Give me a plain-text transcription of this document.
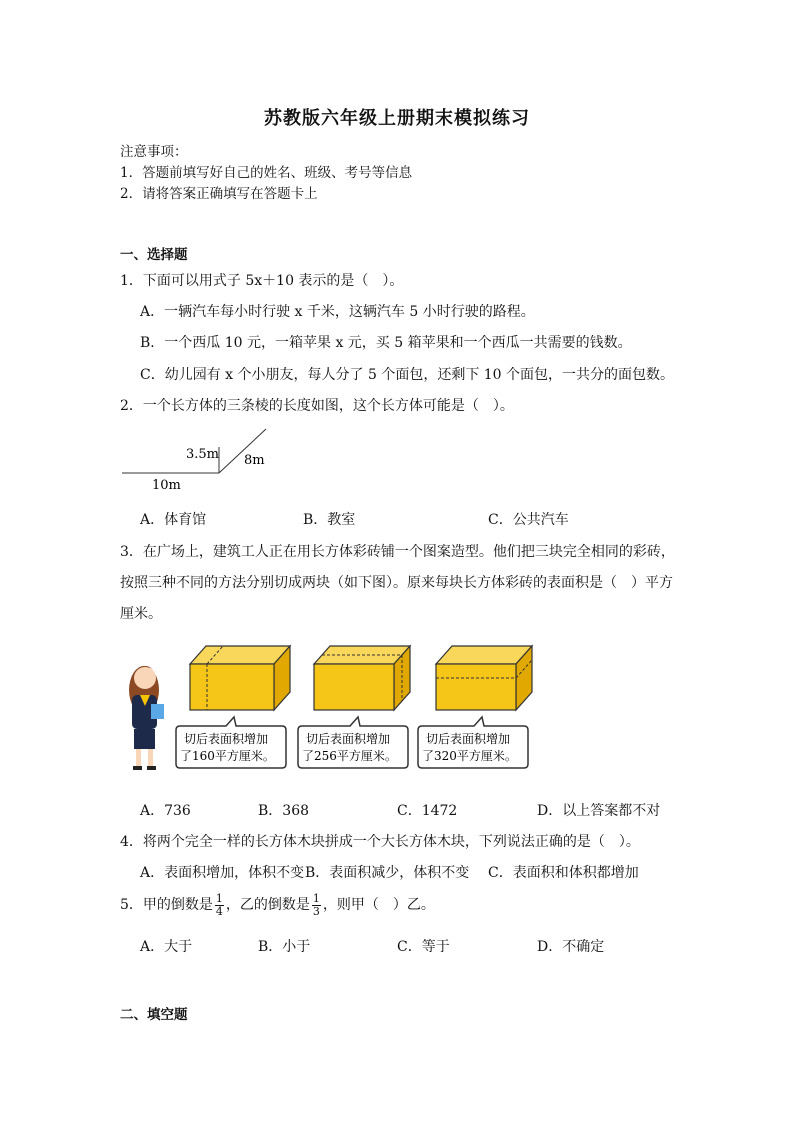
苏教版六年级上册期末模拟练习
注意事项：
1．答题前填写好自己的姓名、班级、考号等信息
2．请将答案正确填写在答题卡上
一、选择题
1．下面可以用式子 5x＋10 表示的是（　）。
A．一辆汽车每小时行驶 x 千米，这辆汽车 5 小时行驶的路程。
B．一个西瓜 10 元，一箱苹果 x 元，买 5 箱苹果和一个西瓜一共需要的钱数。
C．幼儿园有 x 个小朋友，每人分了 5 个面包，还剩下 10 个面包，一共分的面包数。
2．一个长方体的三条棱的长度如图，这个长方体可能是（　）。
3.5m 8m
10m
A．体育馆	B．教室	C．公共汽车
3．在广场上，建筑工人正在用长方体彩砖铺一个图案造型。他们把三块完全相同的彩砖，
按照三种不同的方法分别切成两块（如下图）。原来每块长方体彩砖的表面积是（　）平方
厘米。
切后表面积增加
了160平方厘米。
切后表面积增加
了256平方厘米。
切后表面积增加
了320平方厘米。
A．736	B．368	C．1472	D．以上答案都不对
4．将两个完全一样的长方体木块拼成一个大长方体木块，下列说法正确的是（　）。
A．表面积增加，体积不变 B．表面积减少，体积不变 C．表面积和体积都增加
5．甲的倒数是 $\frac{1}{4}$ ，乙的倒数是 $\frac{1}{3}$ ，则甲（　）乙。
A．大于	B．小于	C．等于	D．不确定
二、填空题
